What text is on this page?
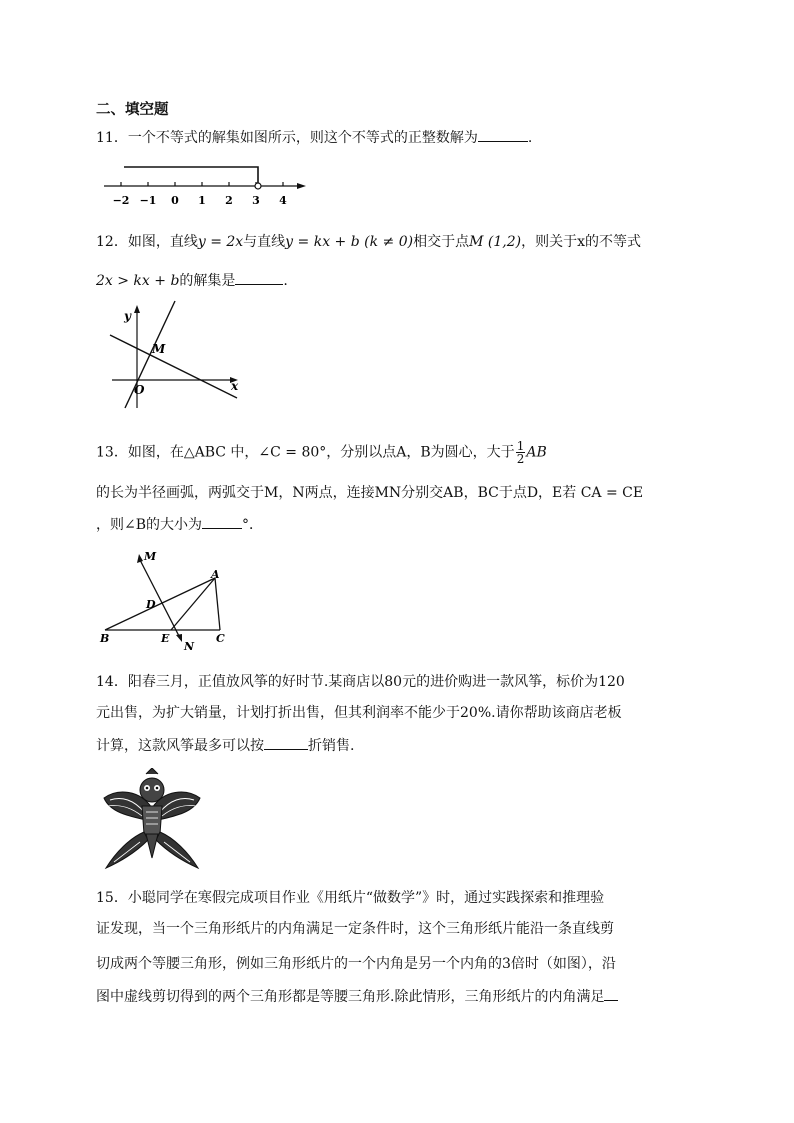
二、填空题
11．一个不等式的解集如图所示，则这个不等式的正整数解为	.
−2 −1 0 1 2 3 4
12．如图，直线y = 2x与直线y = kx + b (k ≠ 0)相交于点M (1,2)，则关于x的不等式
2x > kx + b的解集是	.
y
x
M
O
13．如图，在△ABC 中，∠C = 80°，分别以点A，B为圆心，大于 $\frac{1}{2}$ AB
的长为半径画弧，两弧交于M，N两点，连接MN分别交AB，BC于点D，E若 CA = CE
，则∠B的大小为	°．
M
A
D
B	E
N
C
14．阳春三月，正值放风筝的好时节.某商店以80元的进价购进一款风筝，标价为120
元出售，为扩大销量，计划打折出售，但其利润率不能少于20%.请你帮助该商店老板
计算，这款风筝最多可以按	折销售.
15．小聪同学在寒假完成项目作业《用纸片“做数学”》时，通过实践探索和推理验
证发现，当一个三角形纸片的内角满足一定条件时，这个三角形纸片能沿一条直线剪
切成两个等腰三角形，例如三角形纸片的一个内角是另一个内角的3倍时（如图），沿
图中虚线剪切得到的两个三角形都是等腰三角形.除此情形，三角形纸片的内角满足
